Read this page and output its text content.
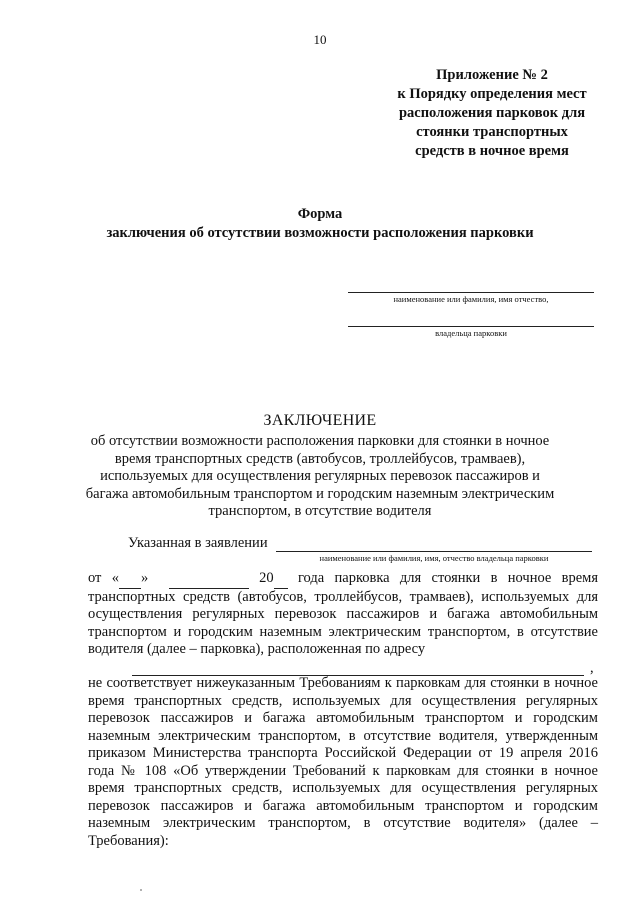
10
Приложение № 2
к Порядку определения мест
расположения парковок для
стоянки транспортных
средств в ночное время
Форма
заключения об отсутствии возможности расположения парковки
наименование или фамилия, имя отчество,
владельца парковки
ЗАКЛЮЧЕНИЕ
об отсутствии возможности расположения парковки для стоянки в ночное время транспортных средств (автобусов, троллейбусов, трамваев), используемых для осуществления регулярных перевозок пассажиров и багажа автомобильным транспортом и городским наземным электрическим транспортом, в отсутствие водителя
Указанная в заявлении
наименование или фамилия, имя, отчество владельца парковки

от « »	20 года парковка для стоянки в ночное время транспортных средств (автобусов, троллейбусов, трамваев), используемых для осуществления регулярных перевозок пассажиров и багажа автомобильным транспортом и городским наземным электрическим транспортом, в отсутствие водителя (далее – парковка), расположенная по адресу

,

не соответствует нижеуказанным Требованиям к парковкам для стоянки в ночное время транспортных средств, используемых для осуществления регулярных перевозок пассажиров и багажа автомобильным транспортом и городским наземным электрическим транспортом, в отсутствие водителя, утвержденным приказом Министерства транспорта Российской Федерации от 19 апреля 2016 года № 108 «Об утверждении Требований к парковкам для стоянки в ночное время транспортных средств, используемых для осуществления регулярных перевозок пассажиров и багажа автомобильным транспортом и городским наземным электрическим транспортом, в отсутствие водителя» (далее – Требования):
